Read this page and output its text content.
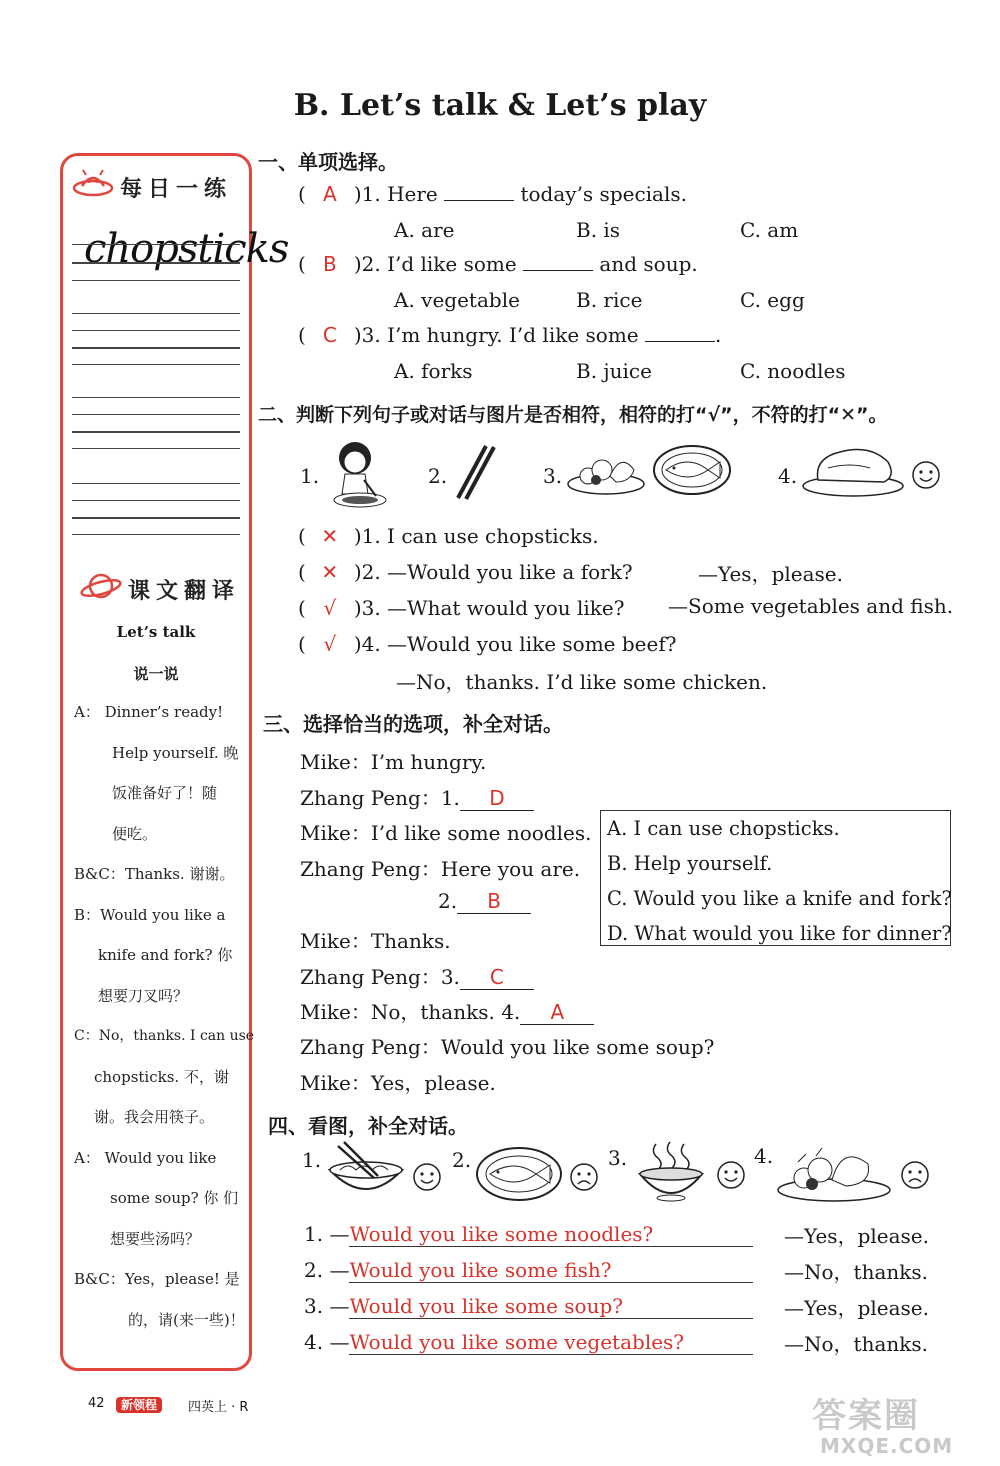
B. Let’s talk & Let’s play
每日一练
chopsticks
课文翻译
Let’s talk
说一说
A： Dinner’s ready!
Help yourself. 晚
饭准备好了！随
便吃。
B&C：Thanks. 谢谢。
B：Would you like a
knife and fork? 你
想要刀叉吗？
C：No，thanks. I can use
chopsticks. 不，谢
谢。我会用筷子。
A： Would you like
some soup? 你 们
想要些汤吗？
B&C：Yes，please! 是
的，请(来一些)！
一、单项选择。
( A )1. Here	today’s specials.
A. are	B. is	C. am
( B )2. I’d like some	and soup.
A. vegetable	B. rice	C. egg
( C )3. I’m hungry. I’d like some	.
A. forks	B. juice	C. noodles
二、判断下列句子或对话与图片是否相符，相符的打“√”，不符的打“✕”。
1.	2.	3.	4.
( ✕ )1. I can use chopsticks.
( ✕ )2. —Would you like a fork?	—Yes，please.
( √ )3. —What would you like? —Some vegetables and fish.
( √ )4. —Would you like some beef?
—No，thanks. I’d like some chicken.
三、选择恰当的选项，补全对话。
Mike：I’m hungry.
Zhang Peng：1. D
Mike：I’d like some noodles.
Zhang Peng：Here you are.
2. B
Mike：Thanks.
Zhang Peng：3. C
Mike：No，thanks. 4. A
Zhang Peng：Would you like some soup?
Mike：Yes，please.
A. I can use chopsticks.
B. Help yourself.
C. Would you like a knife and fork?
D. What would you like for dinner?
四、看图，补全对话。
1.	2.	3.	4.
1. —Would you like some noodles?	—Yes，please.
2. —Would you like some fish?	—No，thanks.
3. —Would you like some soup?	—Yes，please.
4. —Would you like some vegetables?	—No，thanks.
42	新领程	四英上 · R	答案圈
MXQE.COM
